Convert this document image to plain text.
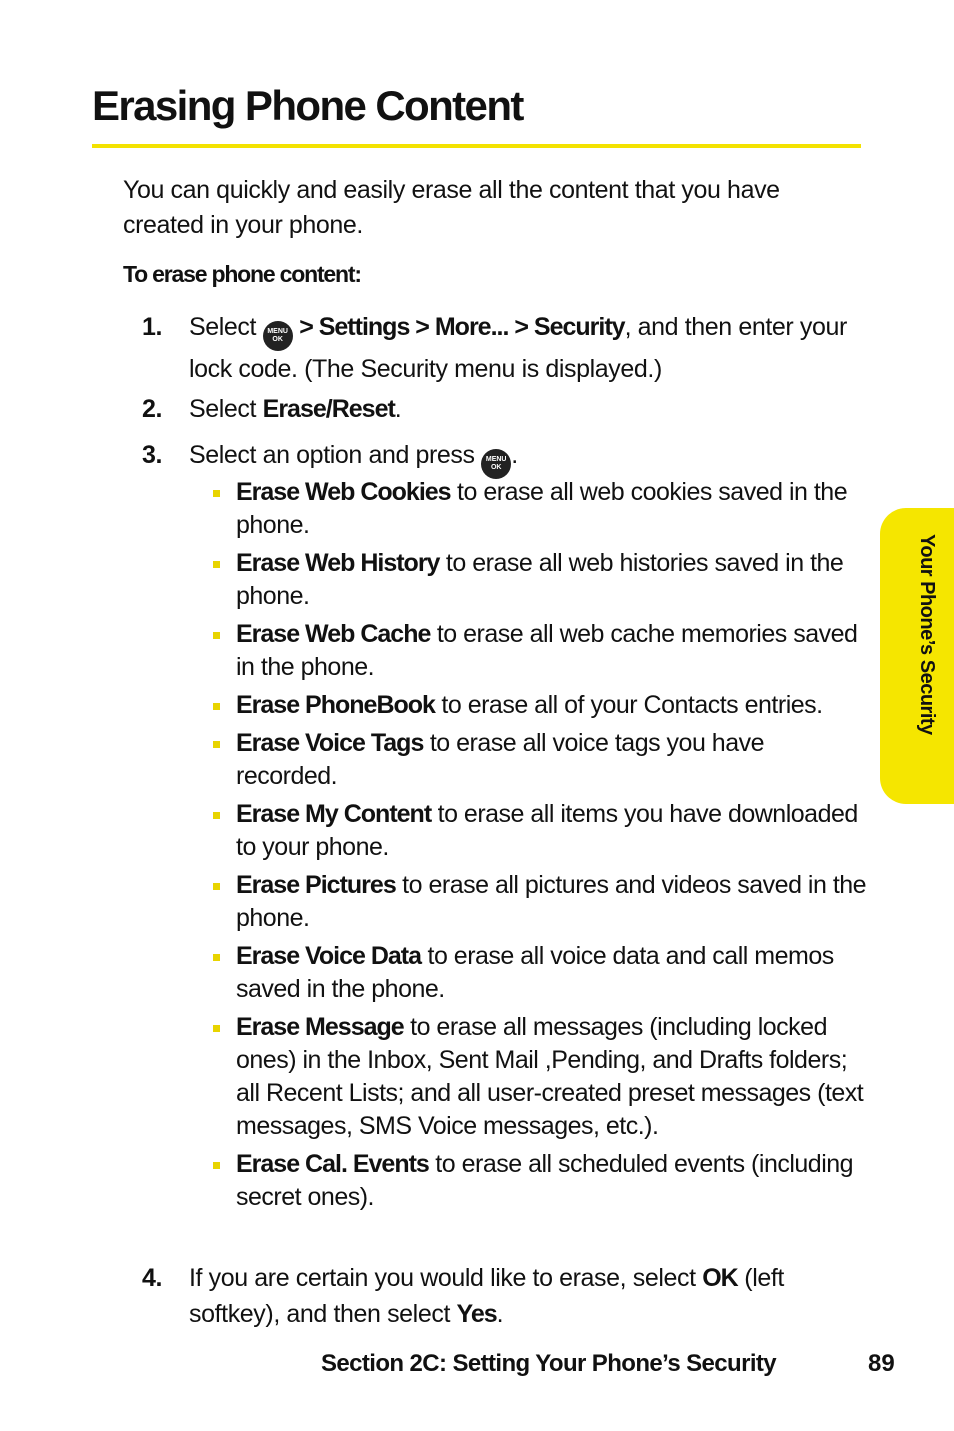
Erasing Phone Content

You can quickly and easily erase all the content that you have created in your phone.

To erase phone content:

1. Select MENU
OK > Settings > More... > Security, and then enter your lock code. (The Security menu is displayed.)
2. Select Erase/Reset.
3. Select an option and press MENU
OK .
Erase Web Cookies to erase all web cookies saved in the phone.
Erase Web History to erase all web histories saved in the phone.
Erase Web Cache to erase all web cache memories saved in the phone.
Erase PhoneBook to erase all of your Contacts entries.
Erase Voice Tags to erase all voice tags you have recorded.
Erase My Content to erase all items you have downloaded to your phone.
Erase Pictures to erase all pictures and videos saved in the phone.
Erase Voice Data to erase all voice data and call memos saved in the phone.
Erase Message to erase all messages (including locked ones) in the Inbox, Sent Mail ,Pending, and Drafts folders; all Recent Lists; and all user-created preset messages (text messages, SMS Voice messages, etc.).
Erase Cal. Events to erase all scheduled events (including secret ones).
4. If you are certain you would like to erase, select OK (left softkey), and then select Yes.
Your Phone’s Security
Section 2C: Setting Your Phone’s Security	89
